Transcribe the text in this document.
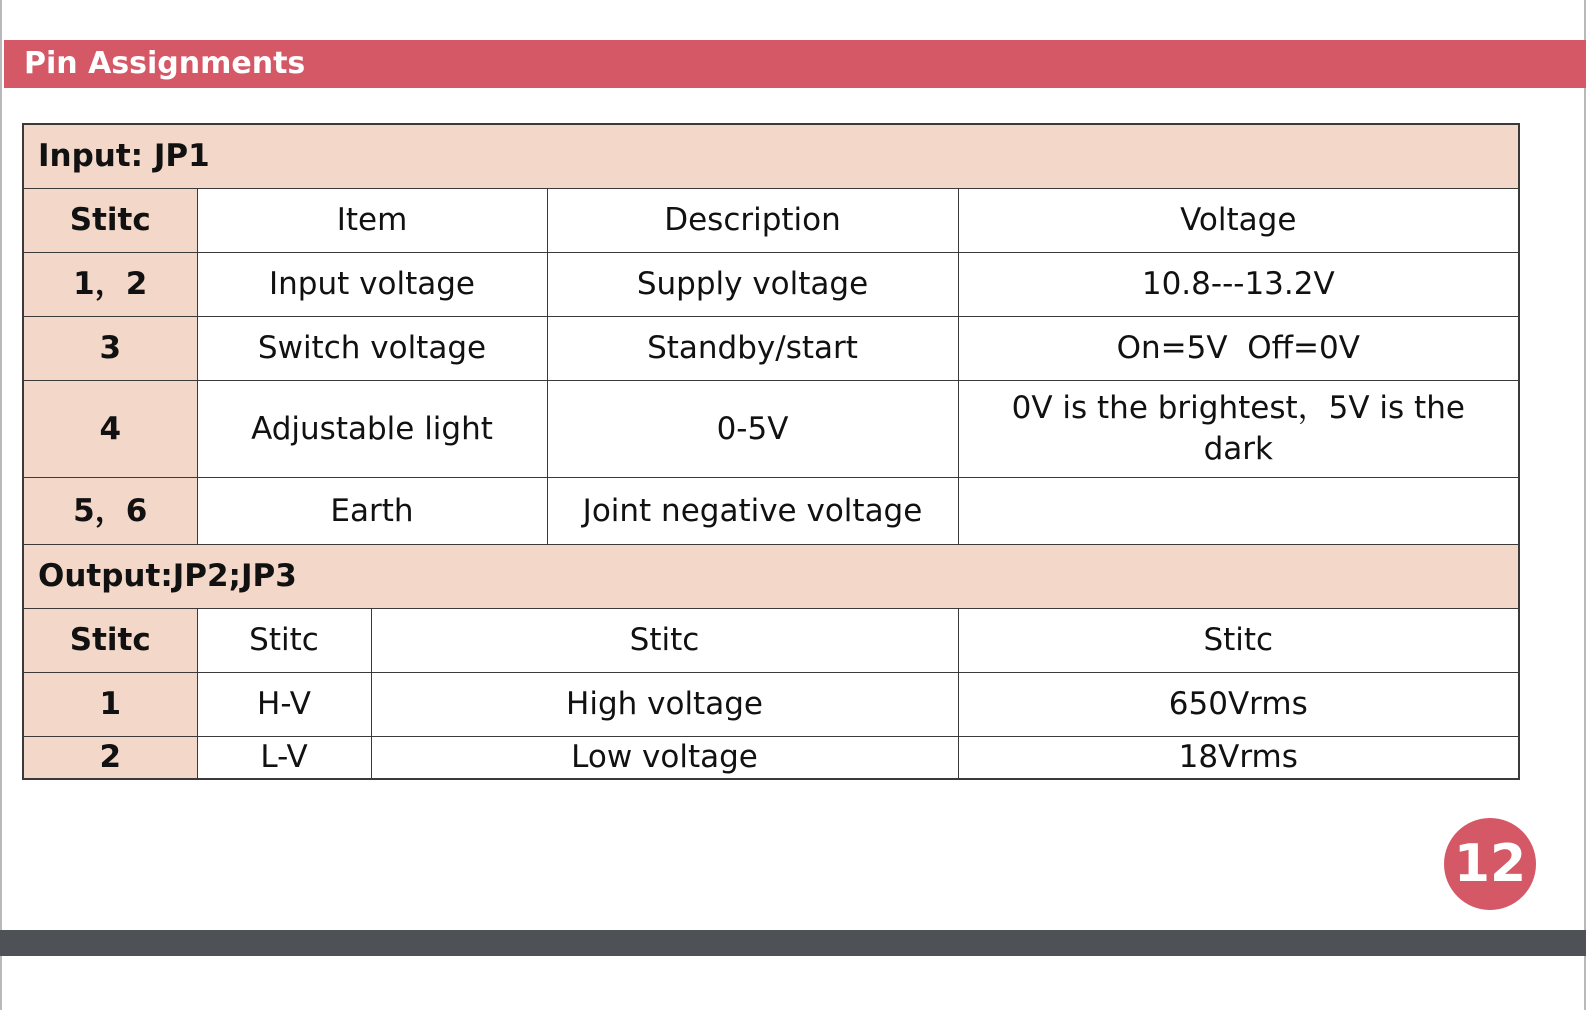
Pin Assignments
Input: JP1				
Stitc	Item		Description	Voltage
1，2	Input voltage		Supply voltage	10.8---13.2V
3	Switch voltage		Standby/start	On=5V  Off=0V
4	Adjustable light		0-5V	0V is the brightest，5V is the dark
5，6	Earth		Joint negative voltage	
Output:JP2;JP3				
Stitc	Stitc	Stitc		Stitc
1	H-V	High voltage		650Vrms
2	L-V	Low voltage		18Vrms
12
